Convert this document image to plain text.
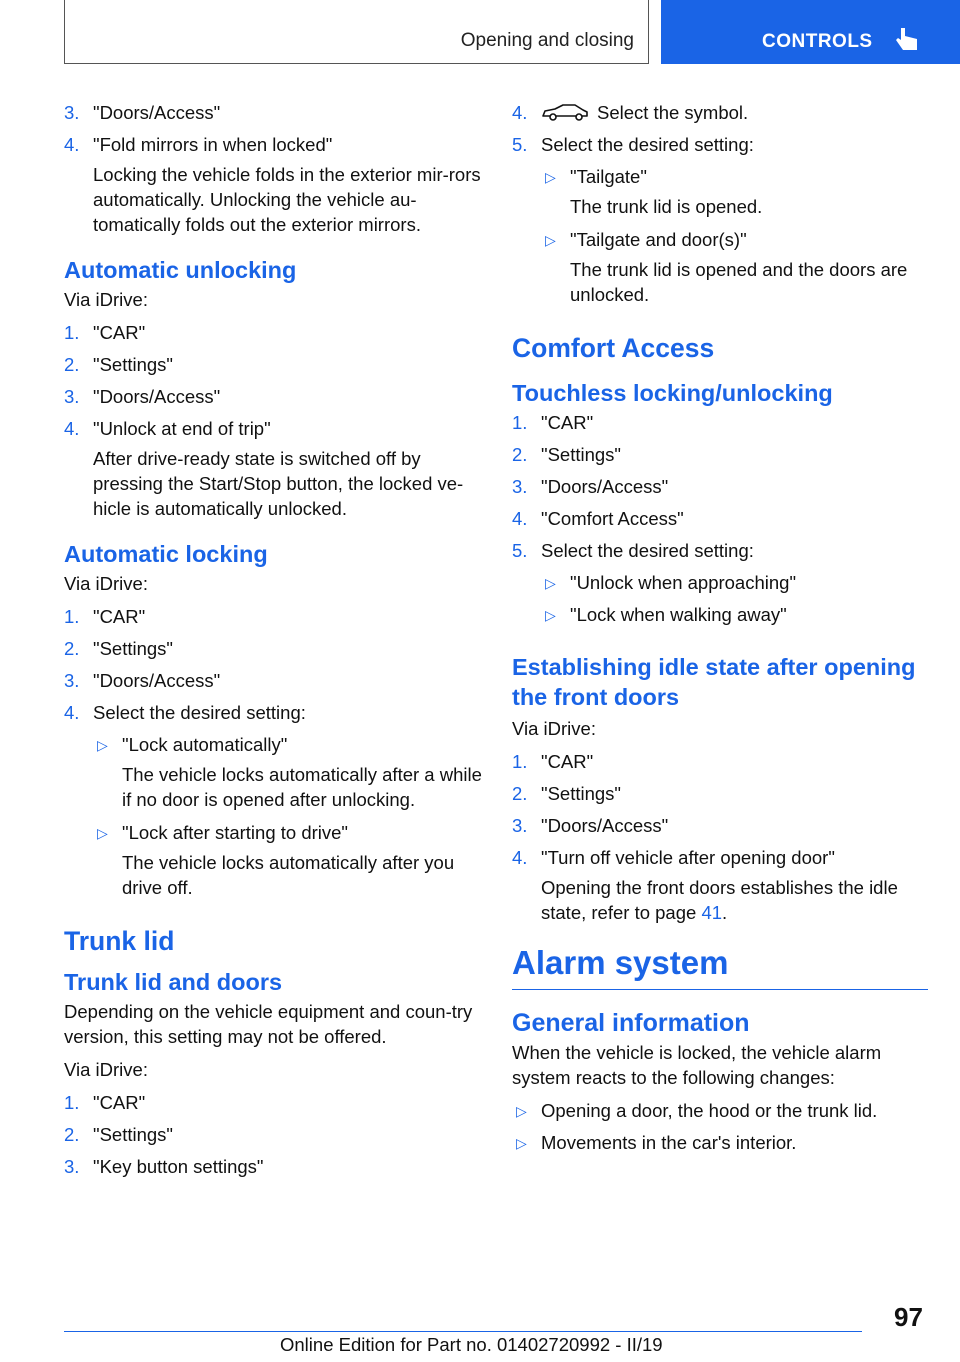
Opening and closing	CONTROLS
3. "Doors/Access"
4. "Fold mirrors in when locked"
Locking the vehicle folds in the exterior mir-rors automatically. Unlocking the vehicle au-tomatically folds out the exterior mirrors.
Automatic unlocking
Via iDrive:
1. "CAR"
2. "Settings"
3. "Doors/Access"
4. "Unlock at end of trip"
After drive-ready state is switched off by pressing the Start/Stop button, the locked ve-hicle is automatically unlocked.
Automatic locking
Via iDrive:
1. "CAR"
2. "Settings"
3. "Doors/Access"
4. Select the desired setting:
▷ "Lock automatically"
The vehicle locks automatically after a while if no door is opened after unlocking.
▷ "Lock after starting to drive"
The vehicle locks automatically after you drive off.
Trunk lid
Trunk lid and doors
Depending on the vehicle equipment and coun-try version, this setting may not be offered.
Via iDrive:
1. "CAR"
2. "Settings"
3. "Key button settings"
4.	Select the symbol.
5. Select the desired setting:
▷ "Tailgate"
The trunk lid is opened.
▷ "Tailgate and door(s)"
The trunk lid is opened and the doors are unlocked.
Comfort Access
Touchless locking/unlocking
1. "CAR"
2. "Settings"
3. "Doors/Access"
4. "Comfort Access"
5. Select the desired setting:
▷ "Unlock when approaching"
▷ "Lock when walking away"
Establishing idle state after opening the front doors
Via iDrive:
1. "CAR"
2. "Settings"
3. "Doors/Access"
4. "Turn off vehicle after opening door"
Opening the front doors establishes the idle state, refer to page 41.
Alarm system
General information
When the vehicle is locked, the vehicle alarm system reacts to the following changes:
▷ Opening a door, the hood or the trunk lid.
▷ Movements in the car's interior.
97
Online Edition for Part no. 01402720992 - II/19
